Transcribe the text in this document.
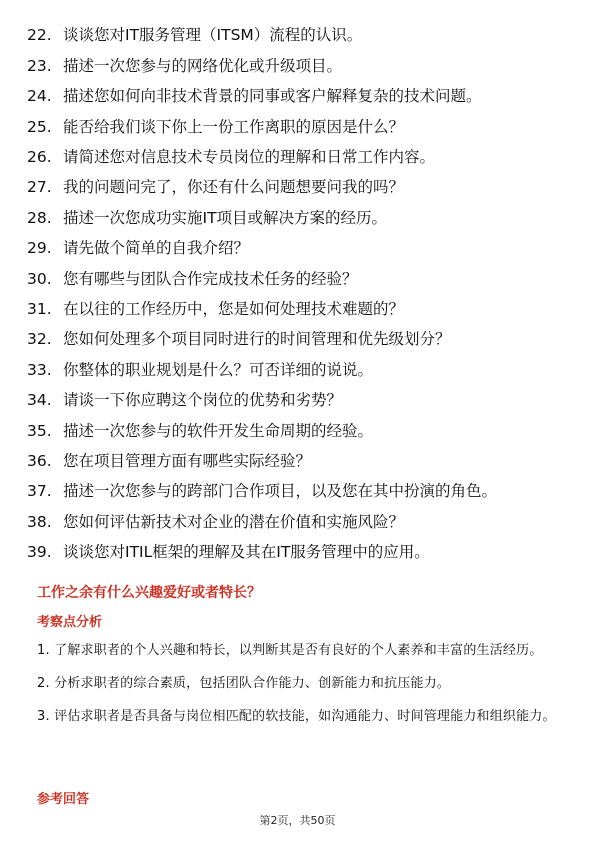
22. 谈谈您对IT服务管理（ITSM）流程的认识。
23. 描述一次您参与的网络优化或升级项目。
24. 描述您如何向非技术背景的同事或客户解释复杂的技术问题。
25. 能否给我们谈下你上一份工作离职的原因是什么？
26. 请简述您对信息技术专员岗位的理解和日常工作内容。
27. 我的问题问完了，你还有什么问题想要问我的吗？
28. 描述一次您成功实施IT项目或解决方案的经历。
29. 请先做个简单的自我介绍？
30. 您有哪些与团队合作完成技术任务的经验？
31. 在以往的工作经历中，您是如何处理技术难题的？
32. 您如何处理多个项目同时进行的时间管理和优先级划分？
33. 你整体的职业规划是什么？可否详细的说说。
34. 请谈一下你应聘这个岗位的优势和劣势？
35. 描述一次您参与的软件开发生命周期的经验。
36. 您在项目管理方面有哪些实际经验？
37. 描述一次您参与的跨部门合作项目，以及您在其中扮演的角色。
38. 您如何评估新技术对企业的潜在价值和实施风险？
39. 谈谈您对ITIL框架的理解及其在IT服务管理中的应用。
工作之余有什么兴趣爱好或者特长？
考察点分析
1. 了解求职者的个人兴趣和特长，以判断其是否有良好的个人素养和丰富的生活经历。
2. 分析求职者的综合素质，包括团队合作能力、创新能力和抗压能力。
3. 评估求职者是否具备与岗位相匹配的软技能，如沟通能力、时间管理能力和组织能力。
参考回答
第2页，共50页
